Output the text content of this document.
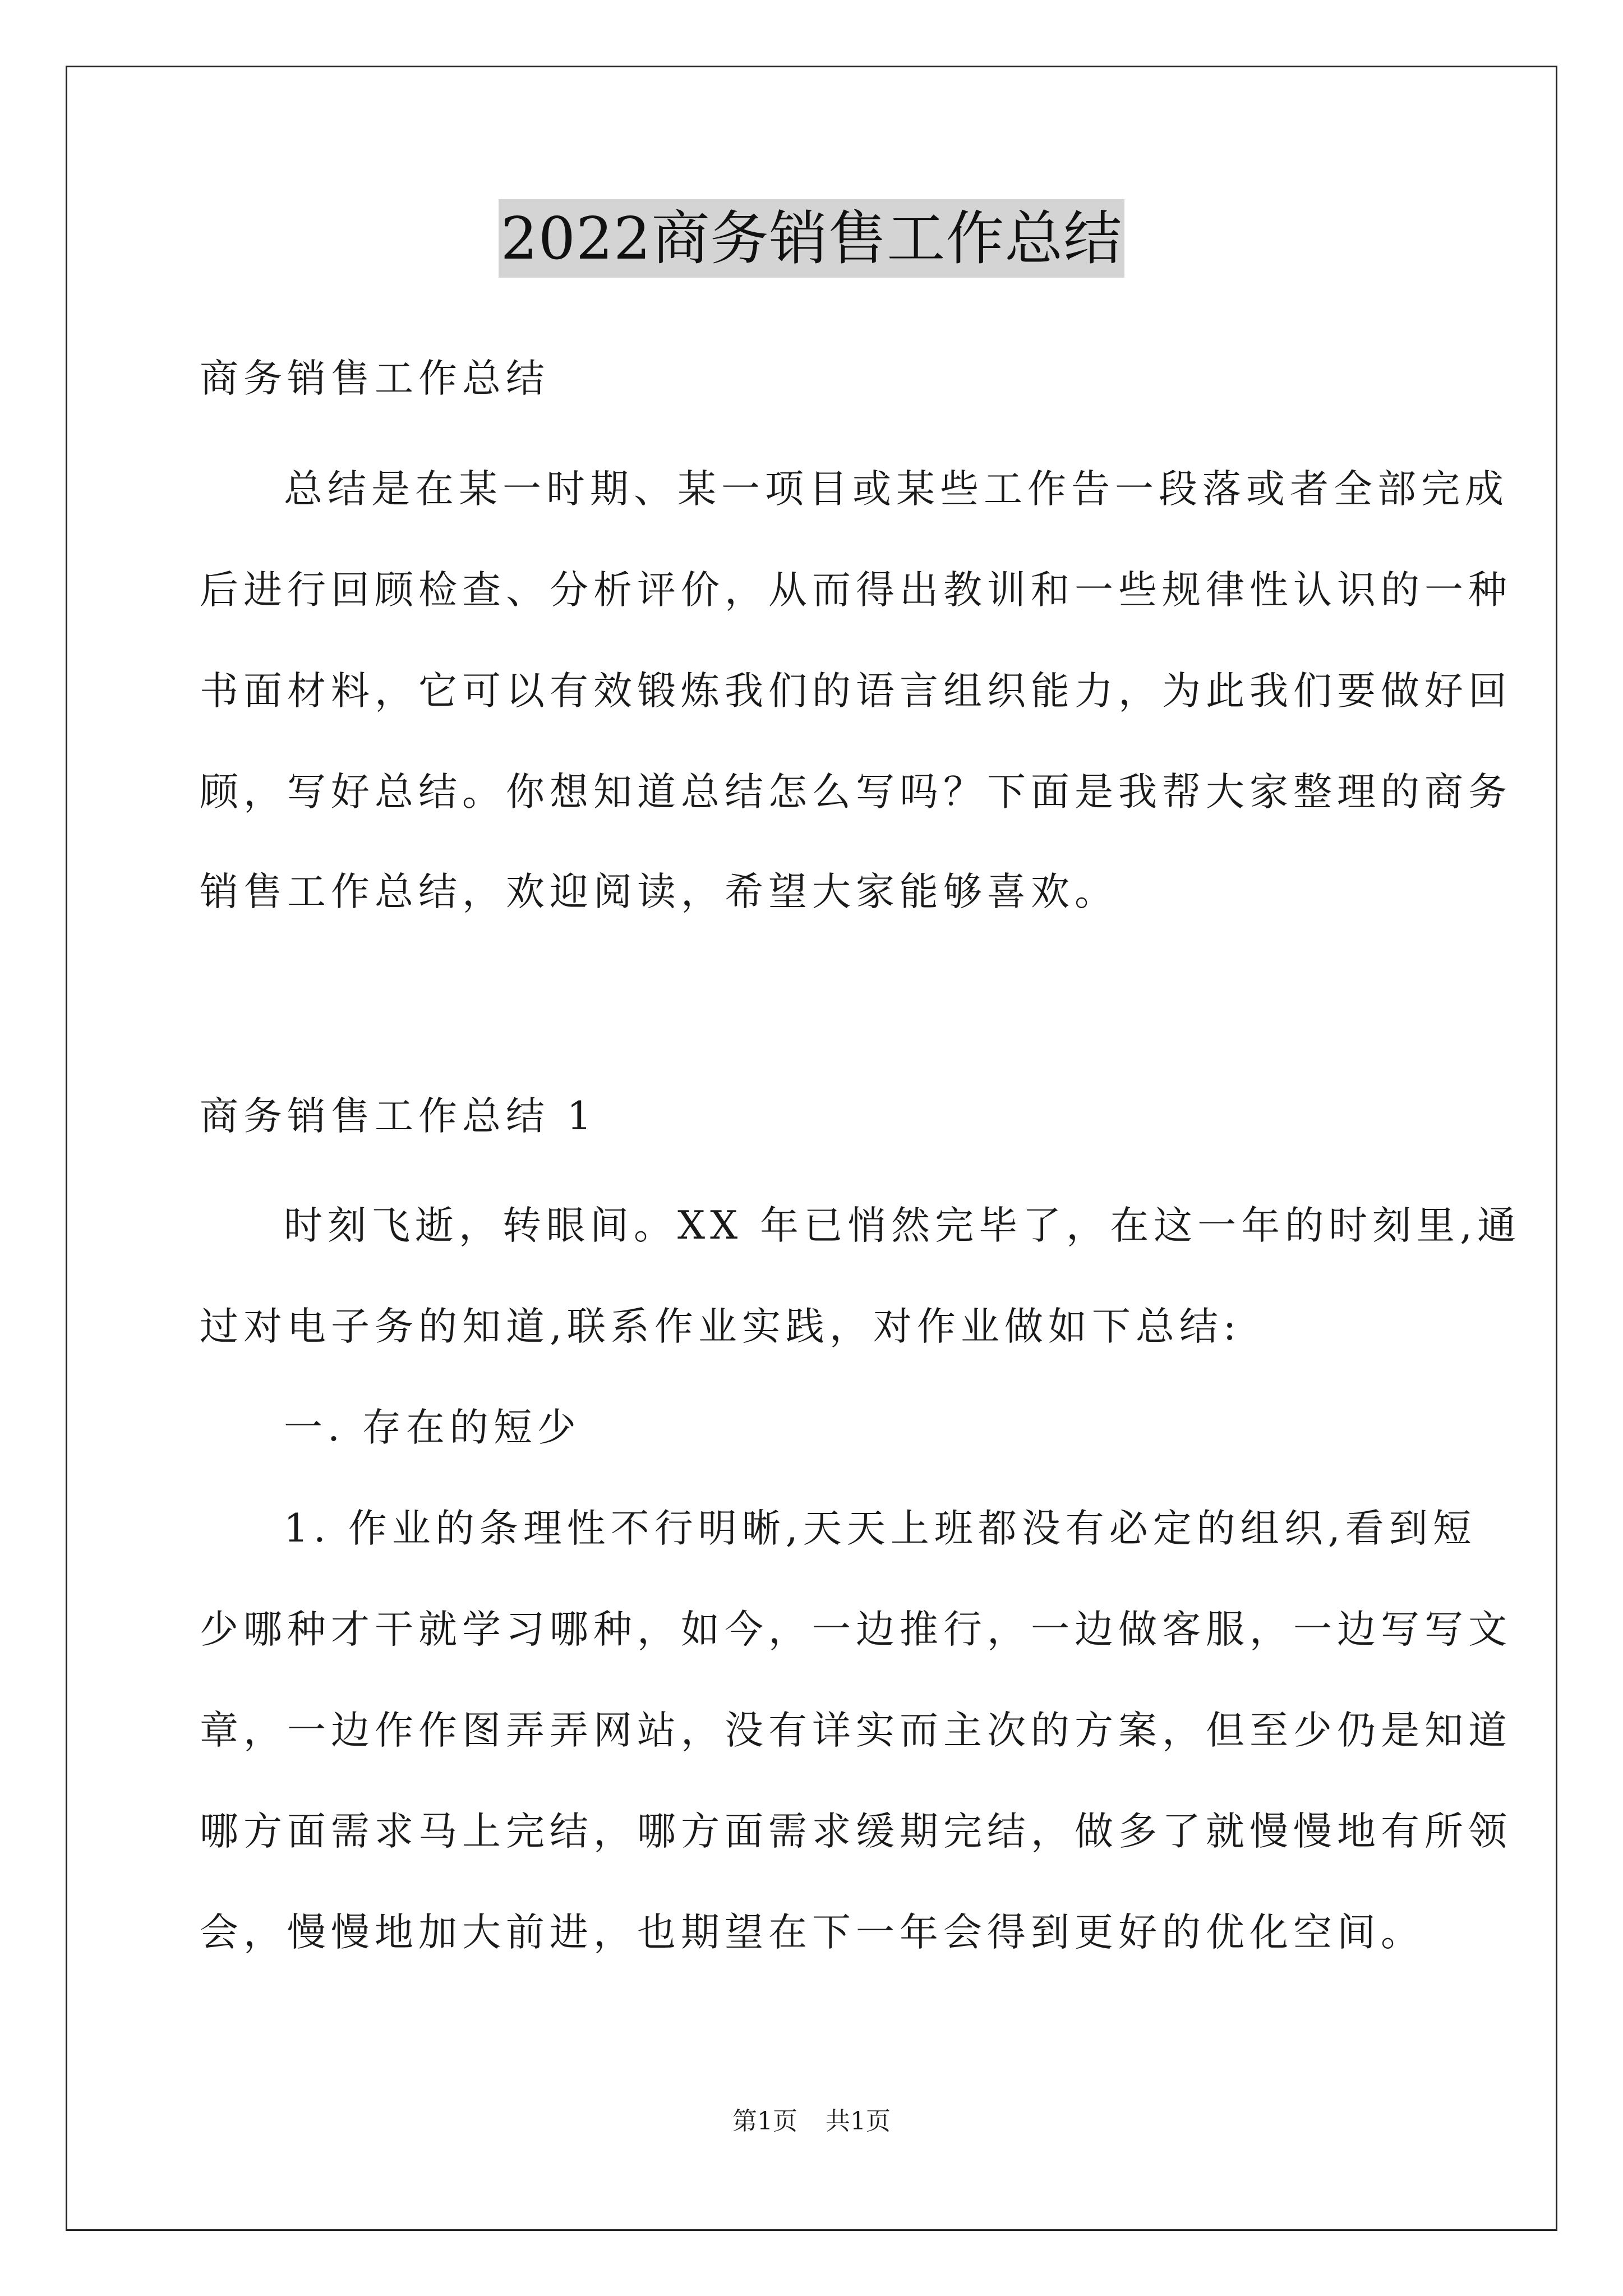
2022商务销售工作总结
商务销售工作总结
总结是在某一时期、某一项目或某些工作告一段落或者全部完成
后进行回顾检查、分析评价，从而得出教训和一些规律性认识的一种
书面材料，它可以有效锻炼我们的语言组织能力，为此我们要做好回
顾，写好总结。你想知道总结怎么写吗？下面是我帮大家整理的商务
销售工作总结，欢迎阅读，希望大家能够喜欢。
商务销售工作总结 1
时刻飞逝，转眼间。XX 年已悄然完毕了，在这一年的时刻里,通
过对电子务的知道,联系作业实践，对作业做如下总结:
一. 存在的短少
1. 作业的条理性不行明晰,天天上班都没有必定的组织,看到短
少哪种才干就学习哪种，如今，一边推行，一边做客服，一边写写文
章，一边作作图弄弄网站，没有详实而主次的方案，但至少仍是知道
哪方面需求马上完结，哪方面需求缓期完结，做多了就慢慢地有所领
会，慢慢地加大前进，也期望在下一年会得到更好的优化空间。
第1页 共1页
